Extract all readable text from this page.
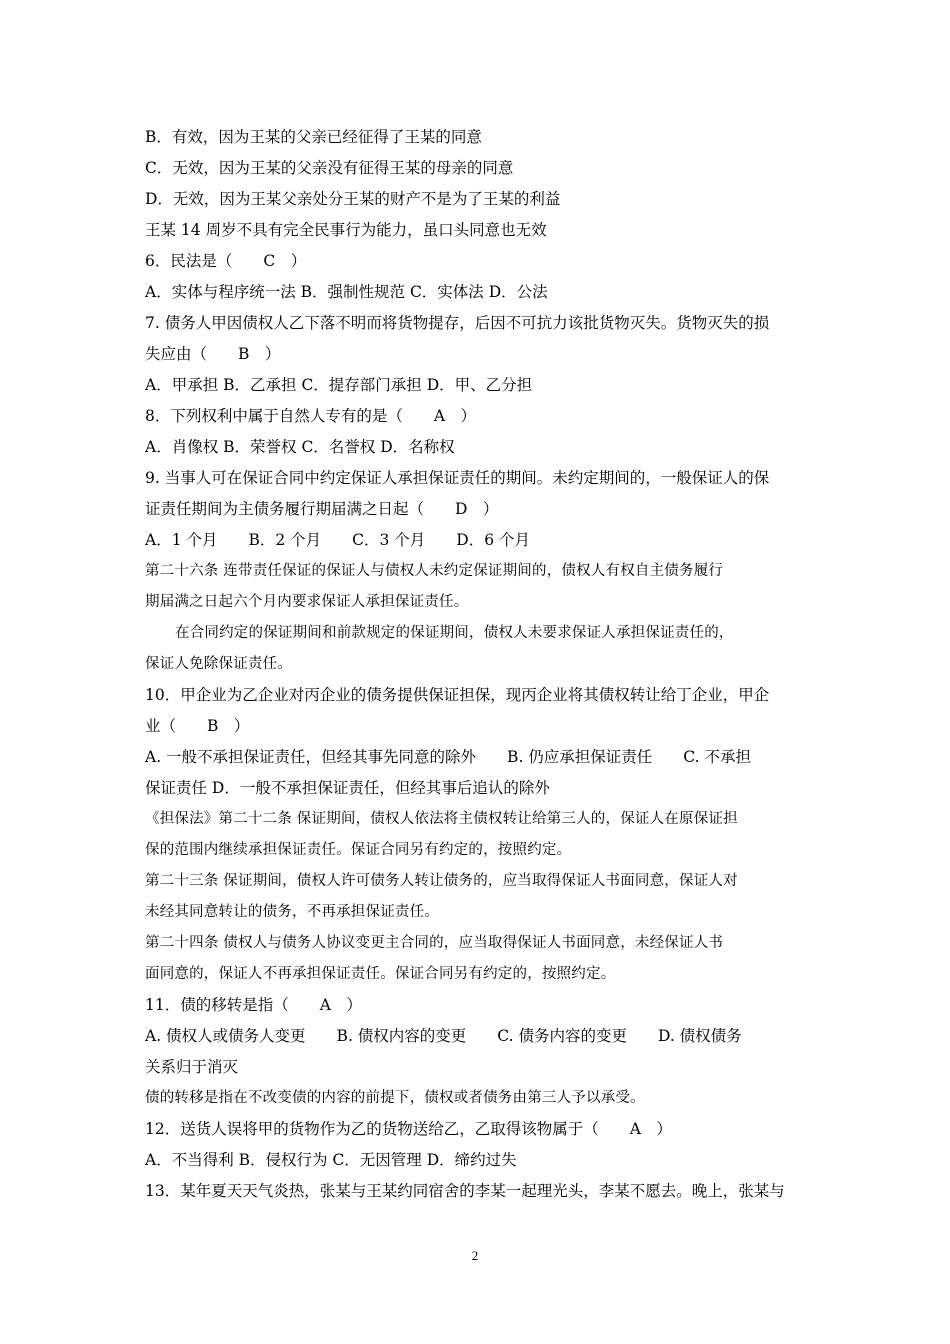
B．有效，因为王某的父亲已经征得了王某的同意
C．无效，因为王某的父亲没有征得王某的母亲的同意
D．无效，因为王某父亲处分王某的财产不是为了王某的利益
王某 14 周岁不具有完全民事行为能力，虽口头同意也无效
6．民法是（　　C　）
A．实体与程序统一法 B．强制性规范 C．实体法 D．公法
7. 债务人甲因债权人乙下落不明而将货物提存，后因不可抗力该批货物灭失。货物灭失的损
失应由（　　B　）
A．甲承担 B．乙承担 C．提存部门承担 D．甲、乙分担
8．下列权利中属于自然人专有的是（　　A　）
A．肖像权 B．荣誉权 C．名誉权 D．名称权
9. 当事人可在保证合同中约定保证人承担保证责任的期间。未约定期间的，一般保证人的保
证责任期间为主债务履行期届满之日起（　　D　）
A．1 个月　　B．2 个月　　C．3 个月　　D．6 个月
第二十六条 连带责任保证的保证人与债权人未约定保证期间的，债权人有权自主债务履行
期届满之日起六个月内要求保证人承担保证责任。
在合同约定的保证期间和前款规定的保证期间，债权人未要求保证人承担保证责任的，
保证人免除保证责任。
10．甲企业为乙企业对丙企业的债务提供保证担保，现丙企业将其债权转让给丁企业，甲企
业（　　B　）
A. 一般不承担保证责任，但经其事先同意的除外　　B. 仍应承担保证责任　　C. 不承担
保证责任 D．一般不承担保证责任，但经其事后追认的除外
《担保法》第二十二条 保证期间，债权人依法将主债权转让给第三人的，保证人在原保证担
保的范围内继续承担保证责任。保证合同另有约定的，按照约定。
第二十三条 保证期间，债权人许可债务人转让债务的，应当取得保证人书面同意，保证人对
未经其同意转让的债务，不再承担保证责任。
第二十四条 债权人与债务人协议变更主合同的，应当取得保证人书面同意，未经保证人书
面同意的，保证人不再承担保证责任。保证合同另有约定的，按照约定。
11．债的移转是指（　　A　）
A. 债权人或债务人变更　　B. 债权内容的变更　　C. 债务内容的变更　　D. 债权债务
关系归于消灭
债的转移是指在不改变债的内容的前提下，债权或者债务由第三人予以承受。
12．送货人误将甲的货物作为乙的货物送给乙，乙取得该物属于（　　A　）
A．不当得利 B．侵权行为 C．无因管理 D．缔约过失
13．某年夏天天气炎热，张某与王某约同宿舍的李某一起理光头，李某不愿去。晚上，张某与
2
